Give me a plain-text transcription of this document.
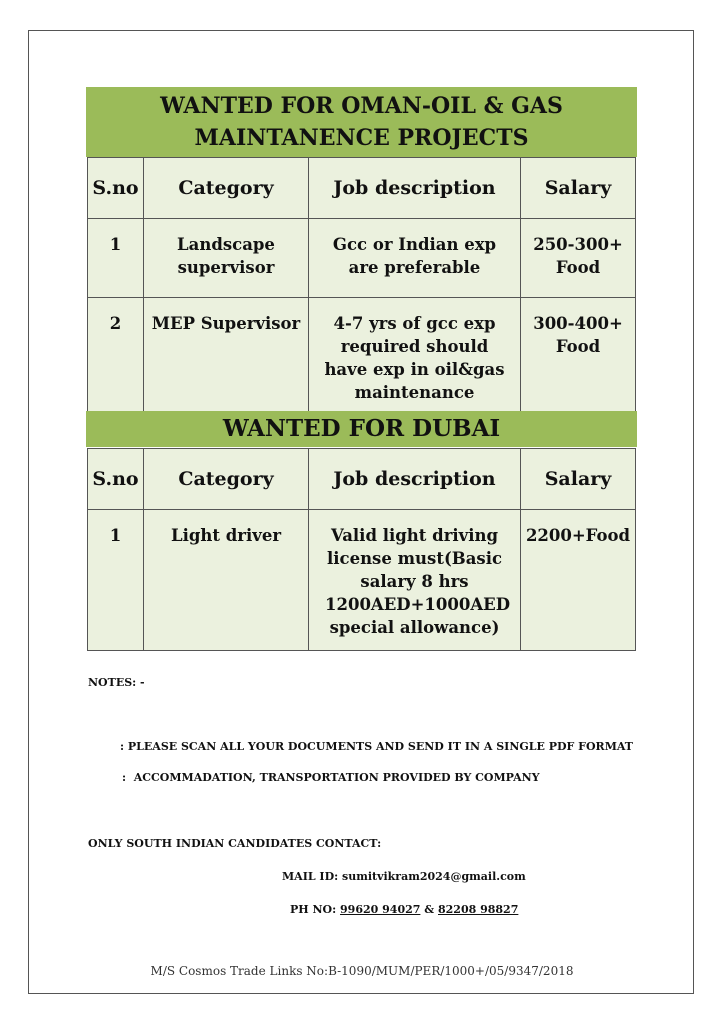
WANTED FOR OMAN-OIL & GAS MAINTANENCE PROJECTS
S.no	Category	Job description	Salary
1	Landscape supervisor	Gcc or Indian exp are preferable	250-300+Food
2	MEP Supervisor	4-7 yrs of gcc exp required should have exp in oil&gas maintenance	300-400+Food
WANTED FOR DUBAI
S.no	Category	Job description	Salary
1	Light driver	Valid light driving license must(Basic salary 8 hrs 1200AED+1000AED special allowance)	2200+Food
NOTES: -
: PLEASE SCAN ALL YOUR DOCUMENTS AND SEND IT IN A SINGLE PDF FORMAT
:  ACCOMMADATION, TRANSPORTATION PROVIDED BY COMPANY
ONLY SOUTH INDIAN CANDIDATES CONTACT:
MAIL ID: sumitvikram2024@gmail.com
PH NO: 99620 94027 & 82208 98827
M/S Cosmos Trade Links No:B-1090/MUM/PER/1000+/05/9347/2018
